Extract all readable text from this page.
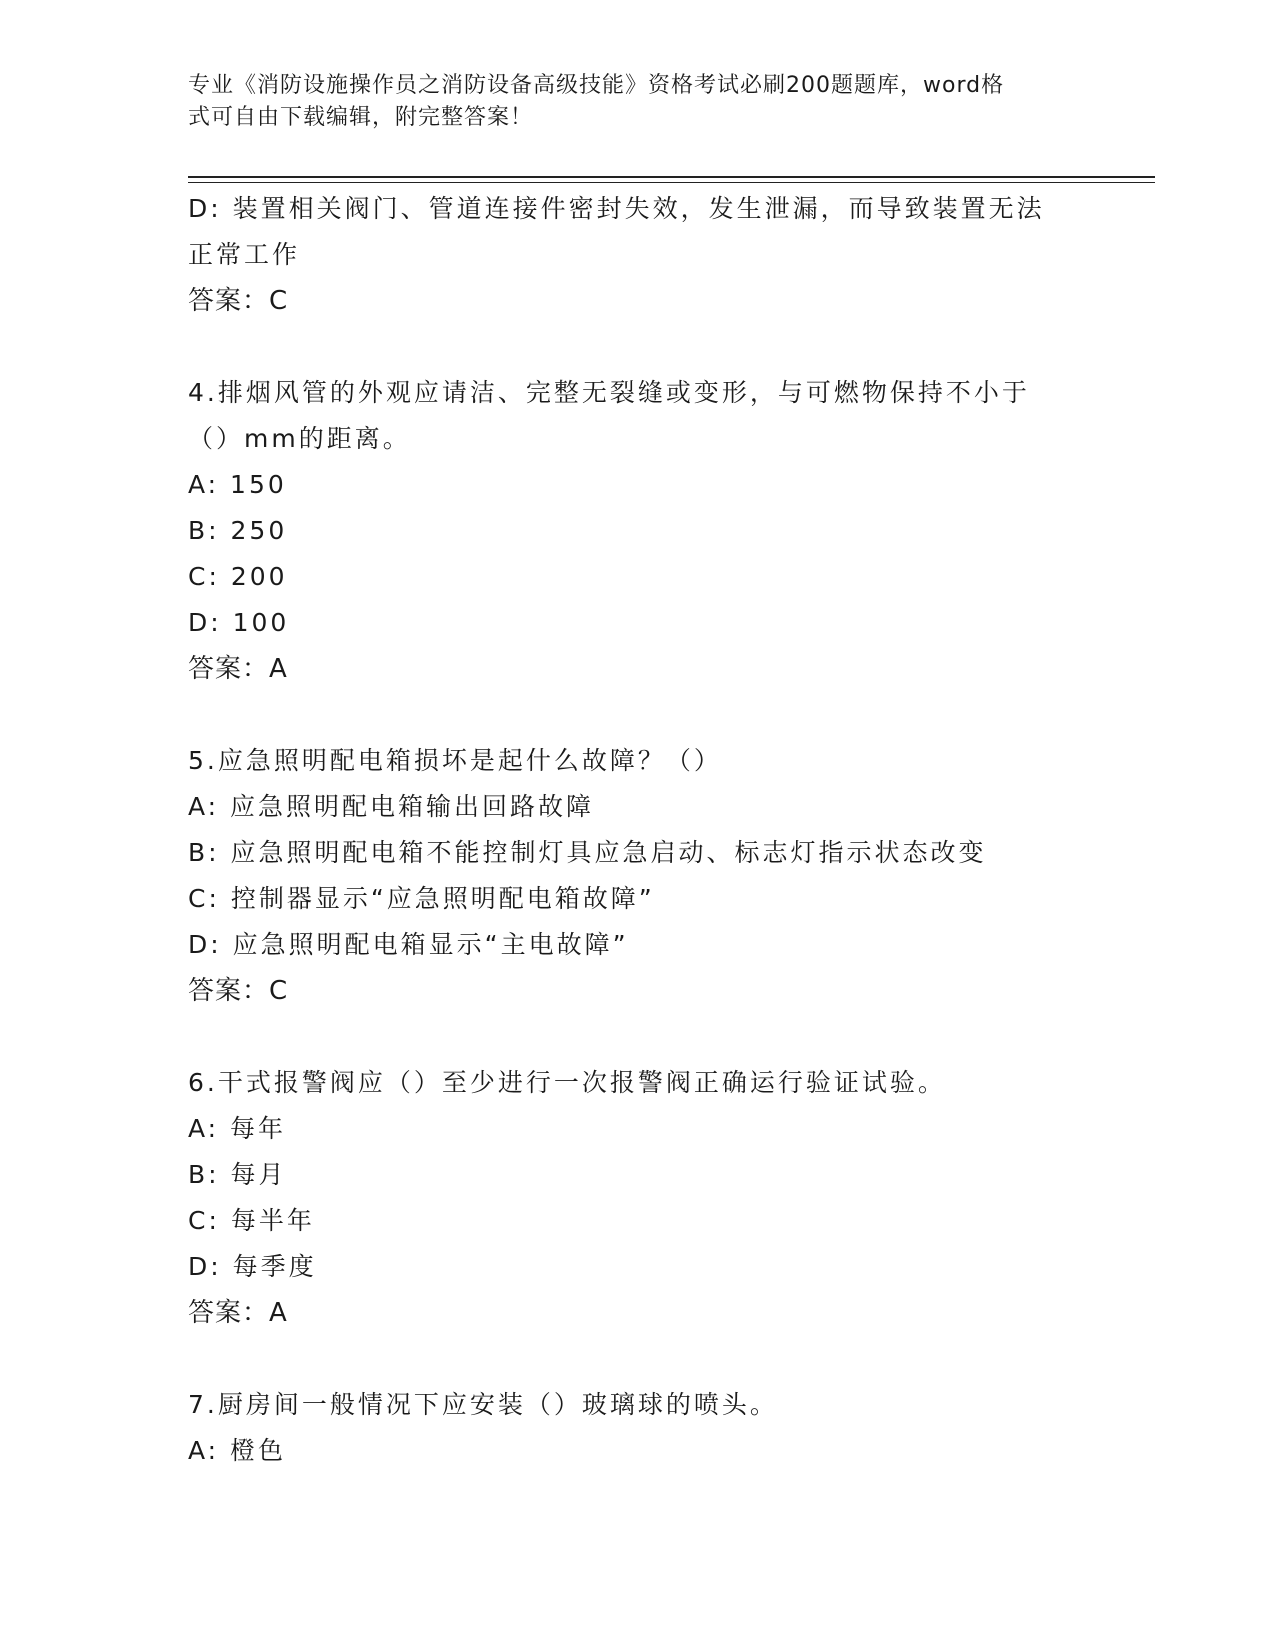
专业《消防设施操作员之消防设备高级技能》资格考试必刷200题题库，word格
式可自由下载编辑，附完整答案！
D: 装置相关阀门、管道连接件密封失效，发生泄漏，而导致装置无法
正常工作
答案：C
4.排烟风管的外观应请洁、完整无裂缝或变形，与可燃物保持不小于
（）mm的距离。
A: 150
B: 250
C: 200
D: 100
答案：A
5.应急照明配电箱损坏是起什么故障？（）
A: 应急照明配电箱输出回路故障
B: 应急照明配电箱不能控制灯具应急启动、标志灯指示状态改变
C: 控制器显示“应急照明配电箱故障”
D: 应急照明配电箱显示“主电故障”
答案：C
6.干式报警阀应（）至少进行一次报警阀正确运行验证试验。
A: 每年
B: 每月
C: 每半年
D: 每季度
答案：A
7.厨房间一般情况下应安装（）玻璃球的喷头。
A: 橙色
